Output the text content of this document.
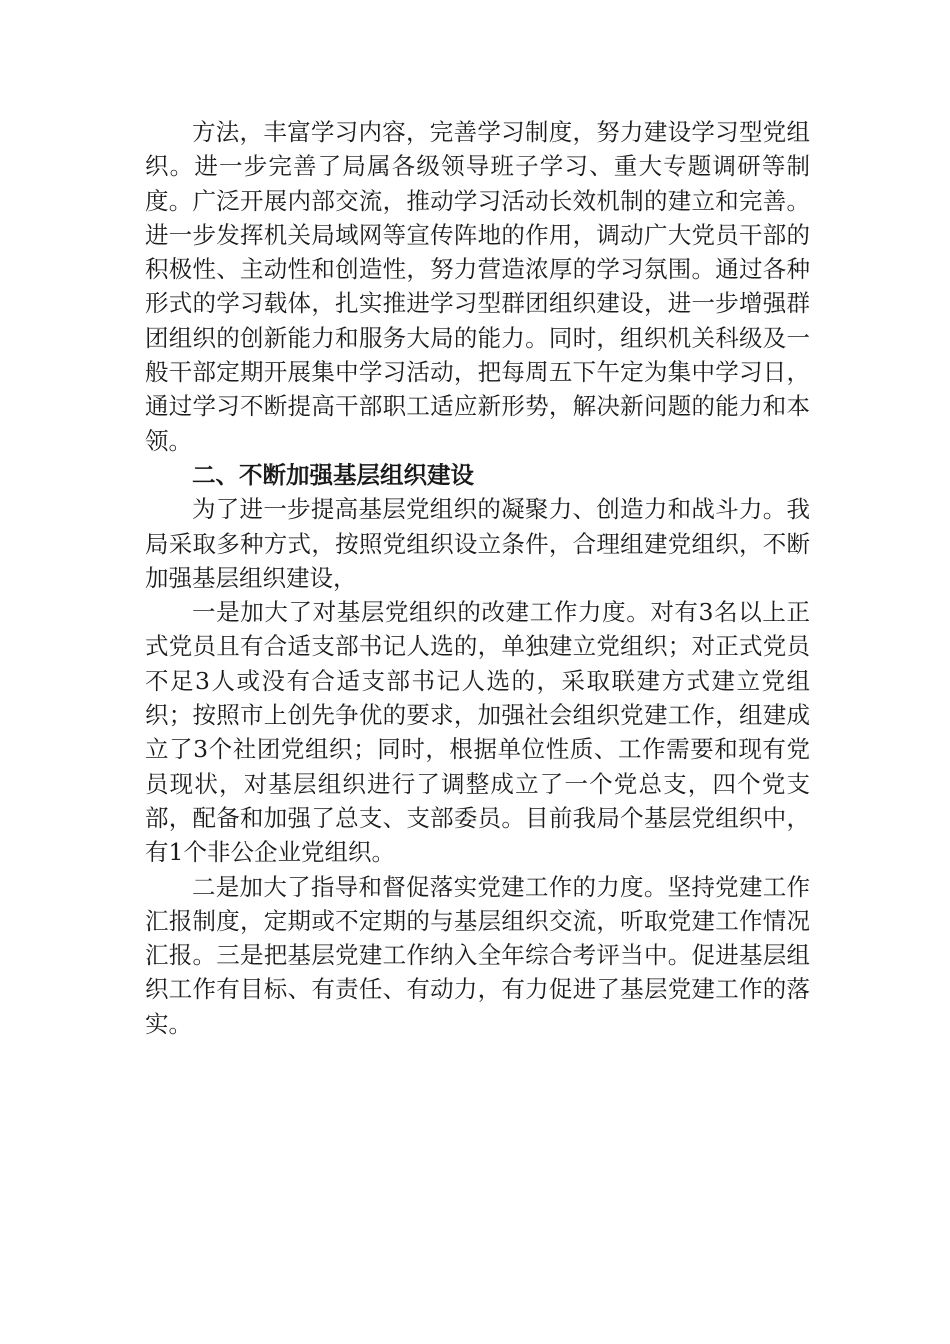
方法，丰富学习内容，完善学习制度，努力建设学习型党组织。进一步完善了局属各级领导班子学习、重大专题调研等制度。广泛开展内部交流，推动学习活动长效机制的建立和完善。进一步发挥机关局域网等宣传阵地的作用，调动广大党员干部的积极性、主动性和创造性，努力营造浓厚的学习氛围。通过各种形式的学习载体，扎实推进学习型群团组织建设，进一步增强群团组织的创新能力和服务大局的能力。同时，组织机关科级及一般干部定期开展集中学习活动，把每周五下午定为集中学习日，通过学习不断提高干部职工适应新形势，解决新问题的能力和本领。

二、不断加强基层组织建设

为了进一步提高基层党组织的凝聚力、创造力和战斗力。我局采取多种方式，按照党组织设立条件，合理组建党组织，不断加强基层组织建设，

一是加大了对基层党组织的改建工作力度。对有3名以上正式党员且有合适支部书记人选的，单独建立党组织；对正式党员不足3人或没有合适支部书记人选的，采取联建方式建立党组织；按照市上创先争优的要求，加强社会组织党建工作，组建成立了3个社团党组织；同时，根据单位性质、工作需要和现有党员现状，对基层组织进行了调整成立了一个党总支，四个党支部，配备和加强了总支、支部委员。目前我局个基层党组织中，有1个非公企业党组织。

二是加大了指导和督促落实党建工作的力度。坚持党建工作汇报制度，定期或不定期的与基层组织交流，听取党建工作情况汇报。三是把基层党建工作纳入全年综合考评当中。促进基层组织工作有目标、有责任、有动力，有力促进了基层党建工作的落实。
